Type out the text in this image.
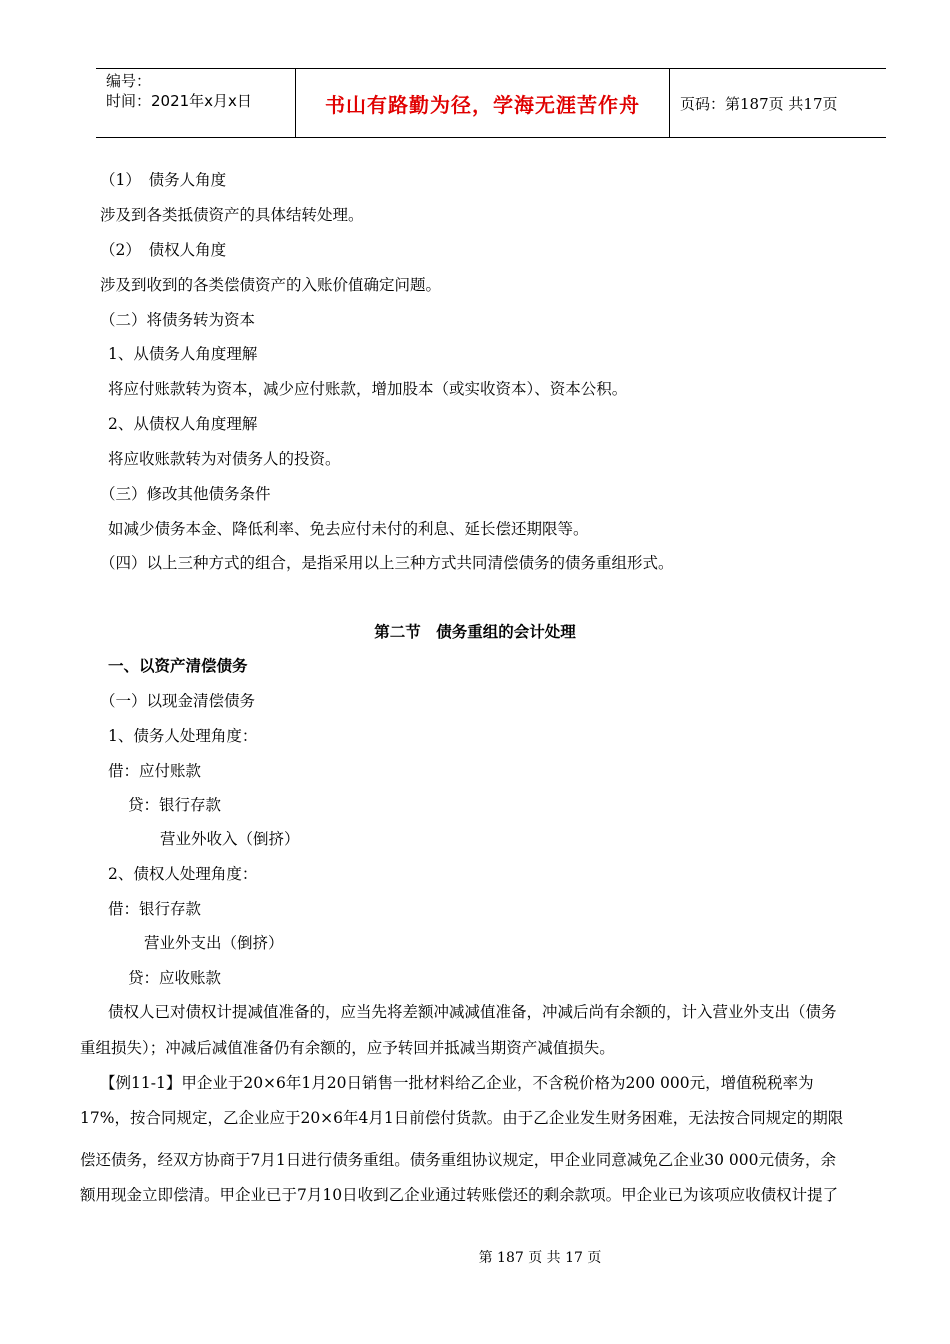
编号：
时间：2021年x月x日	书山有路勤为径，学海无涯苦作舟	页码：第187页 共17页
（1）　债务人角度
涉及到各类抵债资产的具体结转处理。
（2）　债权人角度
涉及到收到的各类偿债资产的入账价值确定问题。
（二）将债务转为资本
1、从债务人角度理解
将应付账款转为资本，减少应付账款，增加股本（或实收资本）、资本公积。
2、从债权人角度理解
将应收账款转为对债务人的投资。
（三）修改其他债务条件
如减少债务本金、降低利率、免去应付未付的利息、延长偿还期限等。
（四）以上三种方式的组合，是指采用以上三种方式共同清偿债务的债务重组形式。
第二节　债务重组的会计处理
一、以资产清偿债务
（一）以现金清偿债务
1、债务人处理角度：
借：应付账款
贷：银行存款
营业外收入（倒挤）
2、债权人处理角度：
借：银行存款
营业外支出（倒挤）
贷：应收账款
债权人已对债权计提减值准备的，应当先将差额冲减减值准备，冲减后尚有余额的，计入营业外支出（债务
重组损失）；冲减后减值准备仍有余额的，应予转回并抵减当期资产减值损失。
【例11-1】甲企业于20×6年1月20日销售一批材料给乙企业，不含税价格为200 000元，增值税税率为
17%，按合同规定，乙企业应于20×6年4月1日前偿付货款。由于乙企业发生财务困难，无法按合同规定的期限
偿还债务，经双方协商于7月1日进行债务重组。债务重组协议规定，甲企业同意减免乙企业30 000元债务，余
额用现金立即偿清。甲企业已于7月10日收到乙企业通过转账偿还的剩余款项。甲企业已为该项应收债权计提了
第 187 页 共 17 页
